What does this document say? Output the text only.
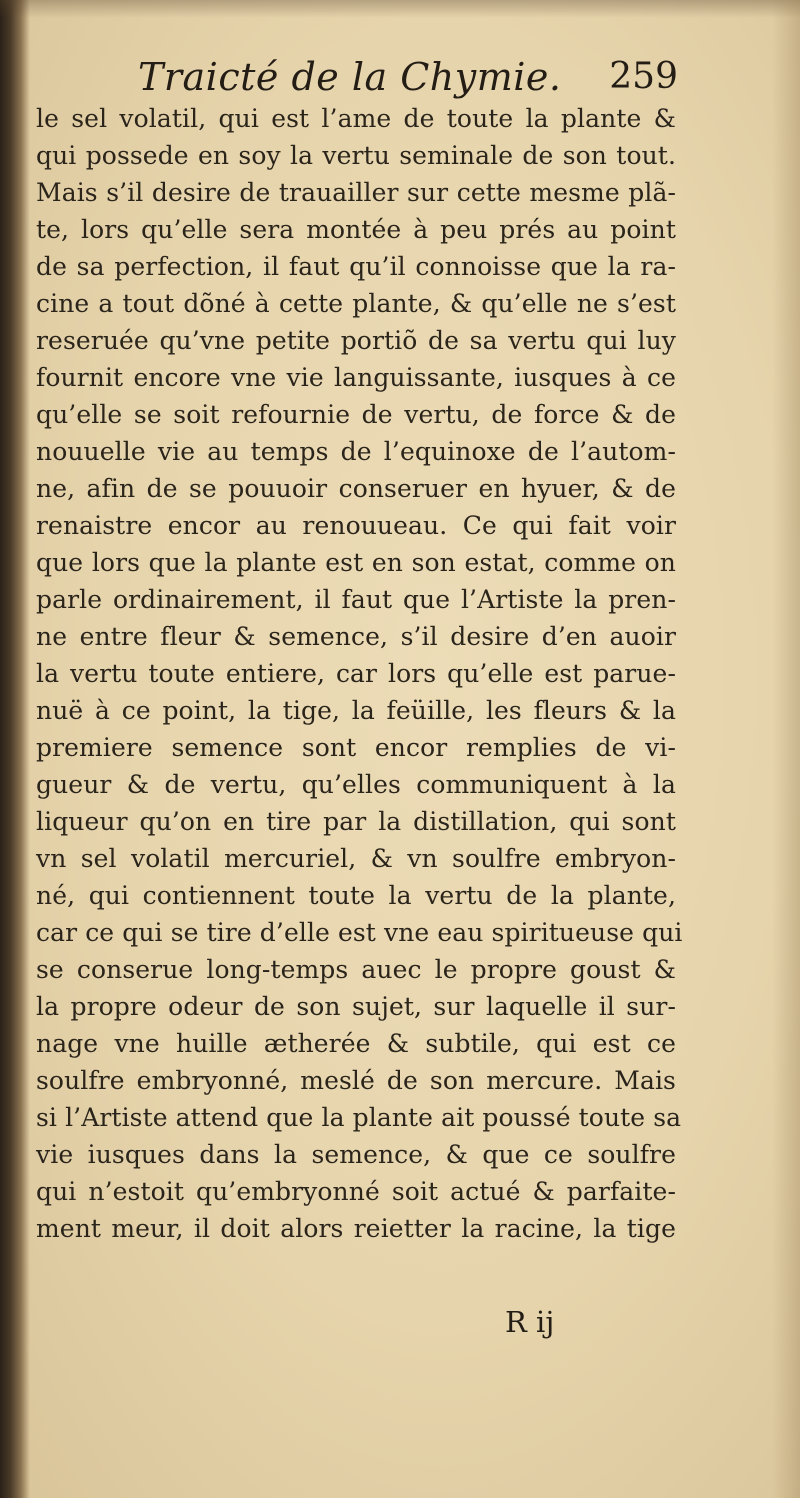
Traicté de la Chymie. 259
le sel volatil, qui est l’ame de toute la plante &
qui possede en soy la vertu seminale de son tout.
Mais s’il desire de trauailler sur cette mesme plã-
te, lors qu’elle sera montée à peu prés au point
de sa perfection, il faut qu’il connoisse que la ra-
cine a tout dõné à cette plante, & qu’elle ne s’est
reseruée qu’vne petite portiõ de sa vertu qui luy
fournit encore vne vie languissante, iusques à ce
qu’elle se soit refournie de vertu, de force & de
nouuelle vie au temps de l’equinoxe de l’autom-
ne, afin de se pouuoir conseruer en hyuer, & de
renaistre encor au renouueau. Ce qui fait voir
que lors que la plante est en son estat, comme on
parle ordinairement, il faut que l’Artiste la pren-
ne entre fleur & semence, s’il desire d’en auoir
la vertu toute entiere, car lors qu’elle est parue-
nuë à ce point, la tige, la feüille, les fleurs & la
premiere semence sont encor remplies de vi-
gueur & de vertu, qu’elles communiquent à la
liqueur qu’on en tire par la distillation, qui sont
vn sel volatil mercuriel, & vn soulfre embryon-
né, qui contiennent toute la vertu de la plante,
car ce qui se tire d’elle est vne eau spiritueuse qui
se conserue long-temps auec le propre goust &
la propre odeur de son sujet, sur laquelle il sur-
nage vne huille ætherée & subtile, qui est ce
soulfre embryonné, meslé de son mercure. Mais
si l’Artiste attend que la plante ait poussé toute sa
vie iusques dans la semence, & que ce soulfre
qui n’estoit qu’embryonné soit actué & parfaite-
ment meur, il doit alors reietter la racine, la tige
R ij
